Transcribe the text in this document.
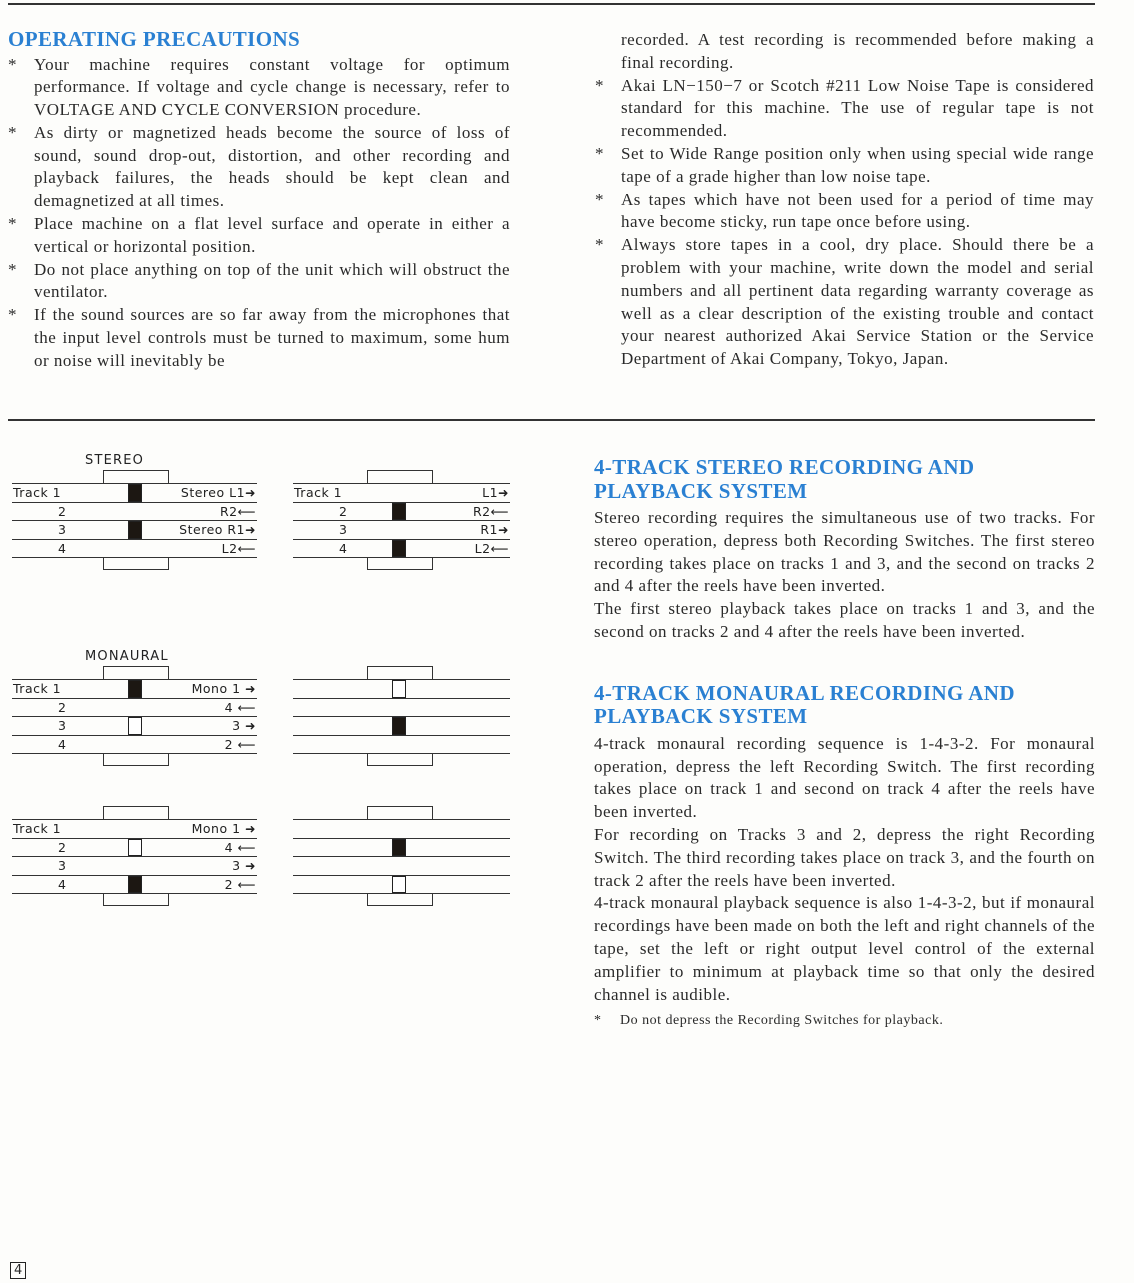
OPERATING PRECAUTIONS

* Your machine requires constant voltage for optimum performance. If voltage and cycle change is necessary, refer to VOLTAGE AND CYCLE CONVERSION procedure.

* As dirty or magnetized heads become the source of loss of sound, sound drop-out, distortion, and other recording and playback failures, the heads should be kept clean and demagnetized at all times.

* Place machine on a flat level surface and operate in either a vertical or horizontal position.

* Do not place anything on top of the unit which will obstruct the ventilator.

* If the sound sources are so far away from the microphones that the input level controls must be turned to maximum, some hum or noise will inevitably be

recorded. A test recording is recommended before making a final recording.

* Akai LN−150−7 or Scotch #211 Low Noise Tape is considered standard for this machine. The use of regular tape is not recommended.

* Set to Wide Range position only when using special wide range tape of a grade higher than low noise tape.

* As tapes which have not been used for a period of time may have become sticky, run tape once before using.

* Always store tapes in a cool, dry place. Should there be a problem with your machine, write down the model and serial numbers and all pertinent data regarding warranty coverage as well as a clear description of the existing trouble and contact your nearest authorized Akai Service Station or the Service Department of Akai Company, Tokyo, Japan.

4-TRACK STEREO RECORDING AND
PLAYBACK SYSTEM

Stereo recording requires the simultaneous use of two tracks. For stereo operation, depress both Recording Switches. The first stereo recording takes place on tracks 1 and 3, and the second on tracks 2 and 4 after the reels have been inverted.

The first stereo playback takes place on tracks 1 and 3, and the second on tracks 2 and 4 after the reels have been inverted.

4-TRACK MONAURAL RECORDING AND
PLAYBACK SYSTEM

4-track monaural recording sequence is 1-4-3-2. For monaural operation, depress the left Recording Switch. The first recording takes place on track 1 and second on track 4 after the reels have been inverted.

For recording on Tracks 3 and 2, depress the right Recording Switch. The third recording takes place on track 3, and the fourth on track 2 after the reels have been inverted.

4-track monaural playback sequence is also 1-4-3-2, but if monaural recordings have been made on both the left and right channels of the tape, set the left or right output level control of the external amplifier to minimum at playback time so that only the desired channel is audible.

* Do not depress the Recording Switches for playback.

STEREO
Track 1	Stereo L1➜
2	R2⟵
3	Stereo R1➜
4	L2⟵
Track 1	L1➜
2	R2⟵
3	R1➜
4	L2⟵
MONAURAL
Track 1	Mono 1 ➜
2	4 ⟵
3	3 ➜
4	2 ⟵
Track 1	Mono 1 ➜
2	4 ⟵
3	3 ➜
4	2 ⟵
4
